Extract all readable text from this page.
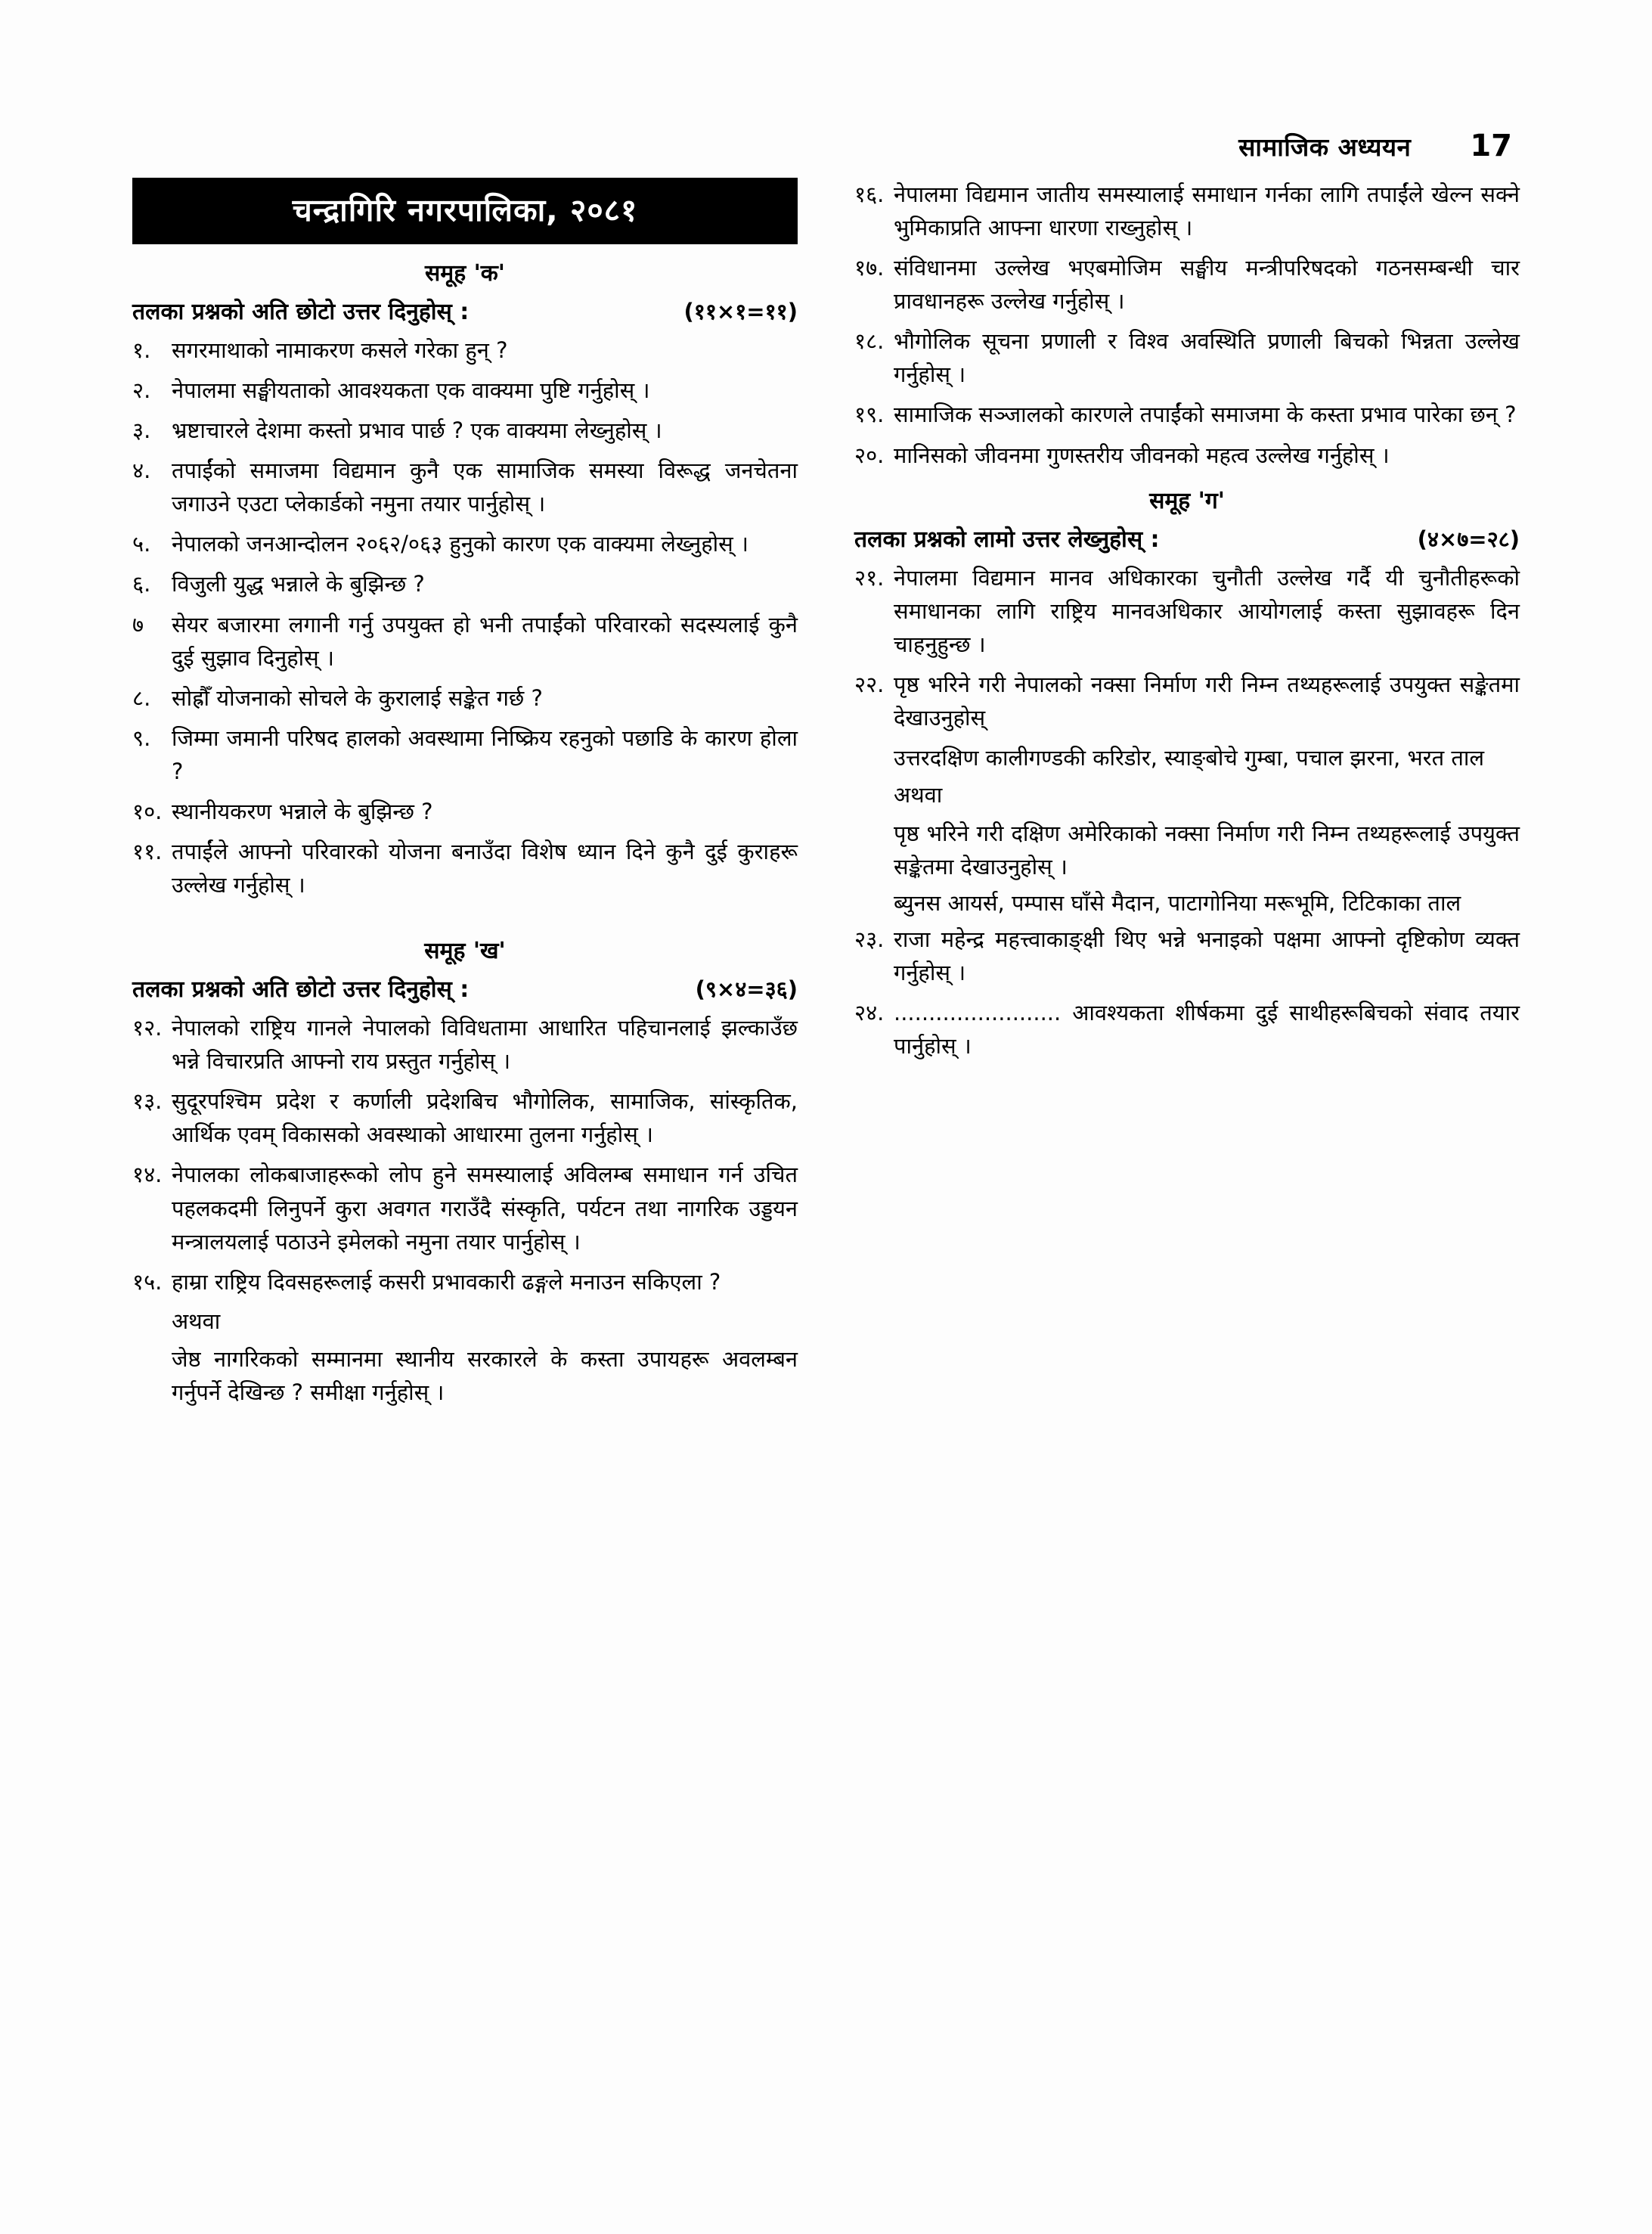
सामाजिक अध्ययन 17
चन्द्रागिरि नगरपालिका, २०८१
समूह 'क'
तलका प्रश्नको अति छोटो उत्तर दिनुहोस् :	(११×१=११)
१. सगरमाथाको नामाकरण कसले गरेका हुन् ?
२. नेपालमा सङ्घीयताको आवश्यकता एक वाक्यमा पुष्टि गर्नुहोस् ।
३. भ्रष्टाचारले देशमा कस्तो प्रभाव पार्छ ? एक वाक्यमा लेख्नुहोस् ।
४. तपाईंको समाजमा विद्यमान कुनै एक सामाजिक समस्या विरूद्ध जनचेतना जगाउने एउटा प्लेकार्डको नमुना तयार पार्नुहोस् ।
५. नेपालको जनआन्दोलन २०६२/०६३ हुनुको कारण एक वाक्यमा लेख्नुहोस् ।
६. विजुली युद्ध भन्नाले के बुझिन्छ ?
७	सेयर बजारमा लगानी गर्नु उपयुक्त हो भनी तपाईंको परिवारको सदस्यलाई कुनै दुई सुझाव दिनुहोस् ।
८. सोह्रौँ योजनाको सोचले के कुरालाई सङ्केत गर्छ ?
९. जिम्मा जमानी परिषद हालको अवस्थामा निष्क्रिय रहनुको पछाडि के कारण होला ?
१०. स्थानीयकरण भन्नाले के बुझिन्छ ?
११. तपाईंले आफ्नो परिवारको योजना बनाउँदा विशेष ध्यान दिने कुनै दुई कुराहरू उल्लेख गर्नुहोस् ।
समूह 'ख'
तलका प्रश्नको अति छोटो उत्तर दिनुहोस् :	(९×४=३६)
१२. नेपालको राष्ट्रिय गानले नेपालको विविधतामा आधारित पहिचानलाई झल्काउँछ भन्ने विचारप्रति आफ्नो राय प्रस्तुत गर्नुहोस् ।
१३. सुदूरपश्चिम प्रदेश र कर्णाली प्रदेशबिच भौगोलिक, सामाजिक, सांस्कृतिक, आर्थिक एवम् विकासको अवस्थाको आधारमा तुलना गर्नुहोस् ।
१४. नेपालका लोकबाजाहरूको लोप हुने समस्यालाई अविलम्ब समाधान गर्न उचित पहलकदमी लिनुपर्ने कुरा अवगत गराउँदै संस्कृति, पर्यटन तथा नागरिक उड्डयन मन्त्रालयलाई पठाउने इमेलको नमुना तयार पार्नुहोस् ।
१५. हाम्रा राष्ट्रिय दिवसहरूलाई कसरी प्रभावकारी ढङ्गले मनाउन सकिएला ?
अथवा
जेष्ठ नागरिकको सम्मानमा स्थानीय सरकारले के कस्ता उपायहरू अवलम्बन गर्नुपर्ने देखिन्छ ? समीक्षा गर्नुहोस् ।
१६. नेपालमा विद्यमान जातीय समस्यालाई समाधान गर्नका लागि तपाईंले खेल्न सक्ने भुमिकाप्रति आफ्ना धारणा राख्नुहोस् ।
१७. संविधानमा उल्लेख भएबमोजिम सङ्घीय मन्त्रीपरिषदको गठनसम्बन्धी चार प्रावधानहरू उल्लेख गर्नुहोस् ।
१८. भौगोलिक सूचना प्रणाली र विश्व अवस्थिति प्रणाली बिचको भिन्नता उल्लेख गर्नुहोस् ।
१९. सामाजिक सञ्जालको कारणले तपाईंको समाजमा के कस्ता प्रभाव पारेका छन् ?
२०. मानिसको जीवनमा गुणस्तरीय जीवनको महत्व उल्लेख गर्नुहोस् ।
समूह 'ग'
तलका प्रश्नको लामो उत्तर लेख्नुहोस् :	(४×७=२८)
२१. नेपालमा विद्यमान मानव अधिकारका चुनौती उल्लेख गर्दै यी चुनौतीहरूको समाधानका लागि राष्ट्रिय मानवअधिकार आयोगलाई कस्ता सुझावहरू दिन चाहनुहुन्छ ।
२२. पृष्ठ भरिने गरी नेपालको नक्सा निर्माण गरी निम्न तथ्यहरूलाई उपयुक्त सङ्केतमा देखाउनुहोस्
उत्तरदक्षिण कालीगण्डकी करिडोर, स्याङ्बोचे गुम्बा, पचाल झरना, भरत ताल
अथवा
पृष्ठ भरिने गरी दक्षिण अमेरिकाको नक्सा निर्माण गरी निम्न तथ्यहरूलाई उपयुक्त सङ्केतमा देखाउनुहोस् ।
ब्युनस आयर्स, पम्पास घाँसे मैदान, पाटागोनिया मरूभूमि, टिटिकाका ताल
२३. राजा महेन्द्र महत्त्वाकाङ्क्षी थिए भन्ने भनाइको पक्षमा आफ्नो दृष्टिकोण व्यक्त गर्नुहोस् ।
२४. ........................ आवश्यकता शीर्षकमा दुई साथीहरूबिचको संवाद तयार पार्नुहोस् ।
